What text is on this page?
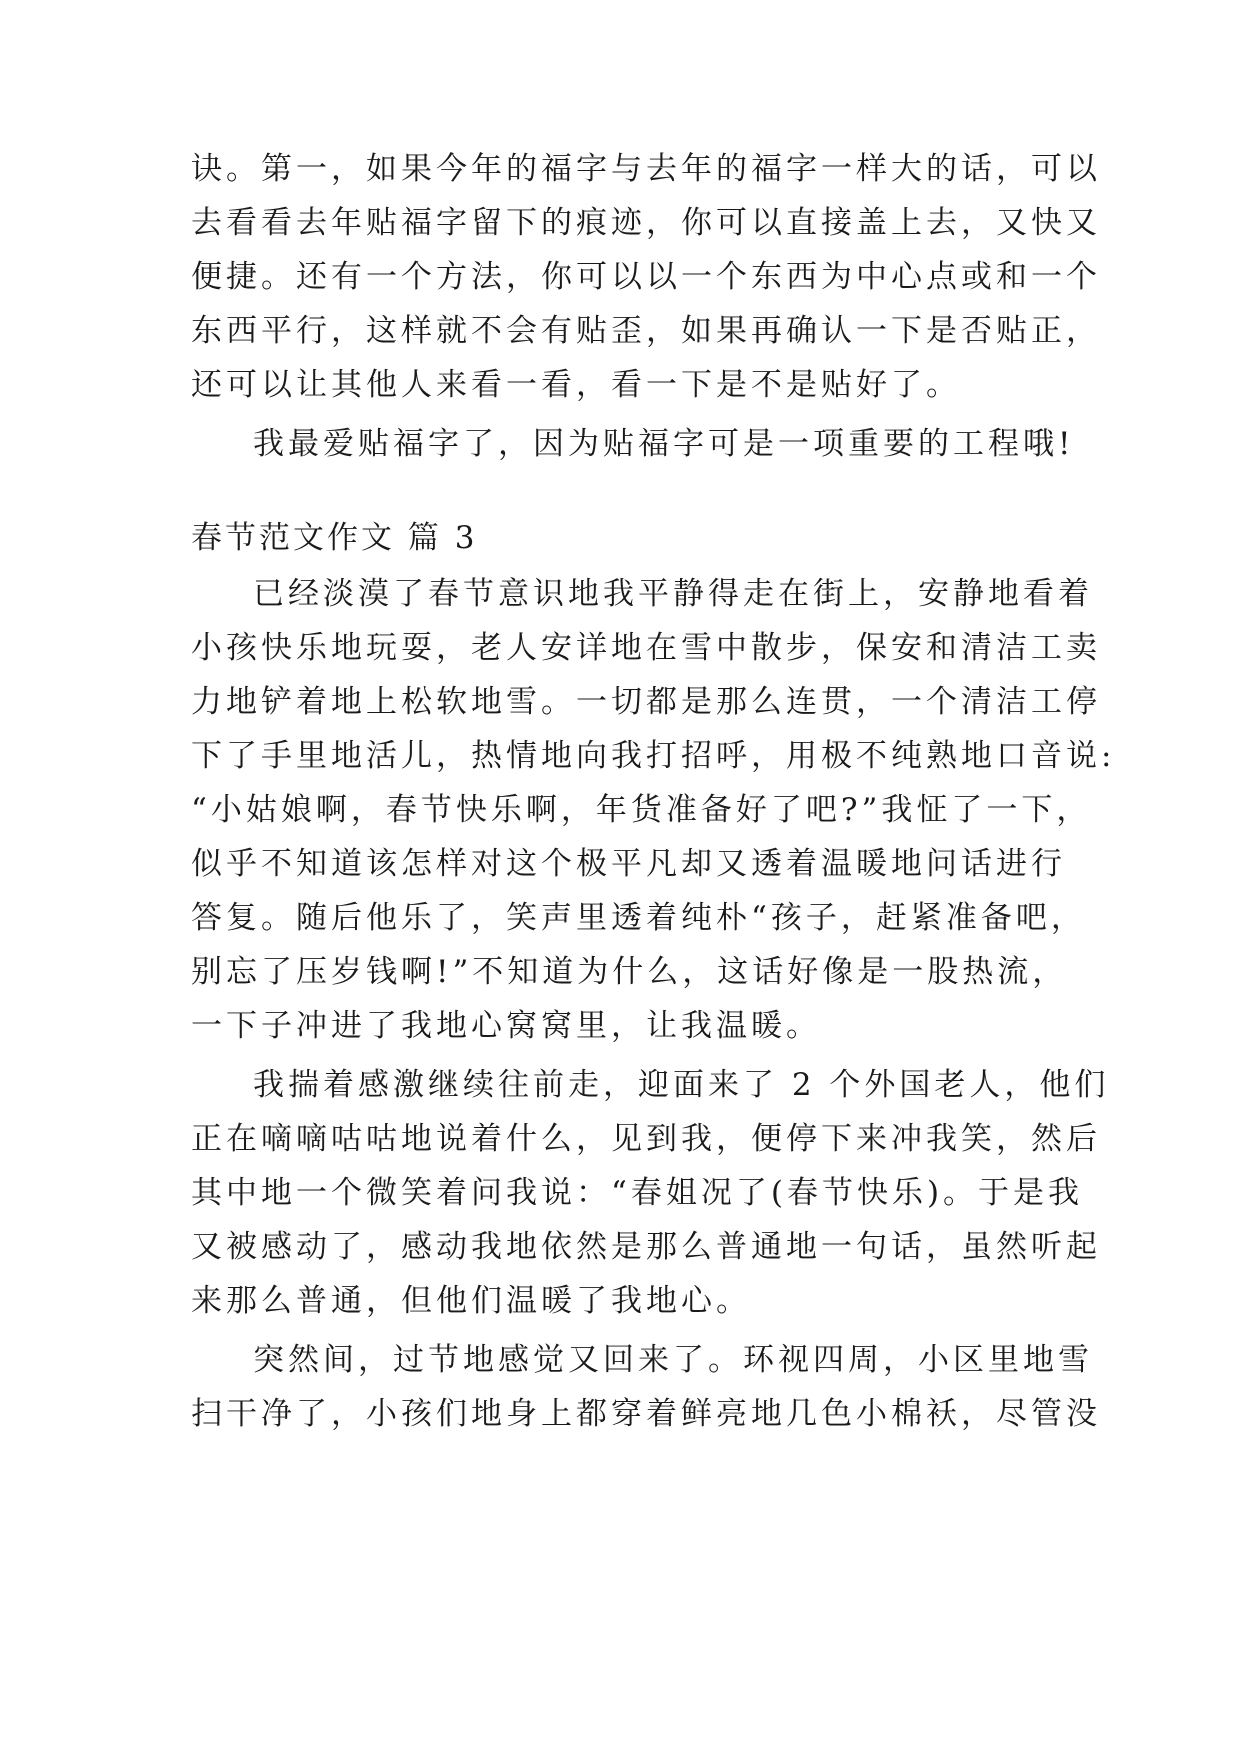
诀。第一，如果今年的福字与去年的福字一样大的话，可以
去看看去年贴福字留下的痕迹，你可以直接盖上去，又快又
便捷。还有一个方法，你可以以一个东西为中心点或和一个
东西平行，这样就不会有贴歪，如果再确认一下是否贴正，
还可以让其他人来看一看，看一下是不是贴好了。
我最爱贴福字了，因为贴福字可是一项重要的工程哦!
春节范文作文 篇 3
已经淡漠了春节意识地我平静得走在街上，安静地看着
小孩快乐地玩耍，老人安详地在雪中散步，保安和清洁工卖
力地铲着地上松软地雪。一切都是那么连贯，一个清洁工停
下了手里地活儿，热情地向我打招呼，用极不纯熟地口音说:
“小姑娘啊，春节快乐啊，年货准备好了吧?”我怔了一下，
似乎不知道该怎样对这个极平凡却又透着温暖地问话进行
答复。随后他乐了，笑声里透着纯朴“孩子，赶紧准备吧，
别忘了压岁钱啊!”不知道为什么，这话好像是一股热流，
一下子冲进了我地心窝窝里，让我温暖。
我揣着感激继续往前走，迎面来了 2 个外国老人，他们
正在嘀嘀咕咕地说着什么，见到我，便停下来冲我笑，然后
其中地一个微笑着问我说：“春姐况了(春节快乐)。于是我
又被感动了，感动我地依然是那么普通地一句话，虽然听起
来那么普通，但他们温暖了我地心。
突然间，过节地感觉又回来了。环视四周，小区里地雪
扫干净了，小孩们地身上都穿着鲜亮地几色小棉袄，尽管没
